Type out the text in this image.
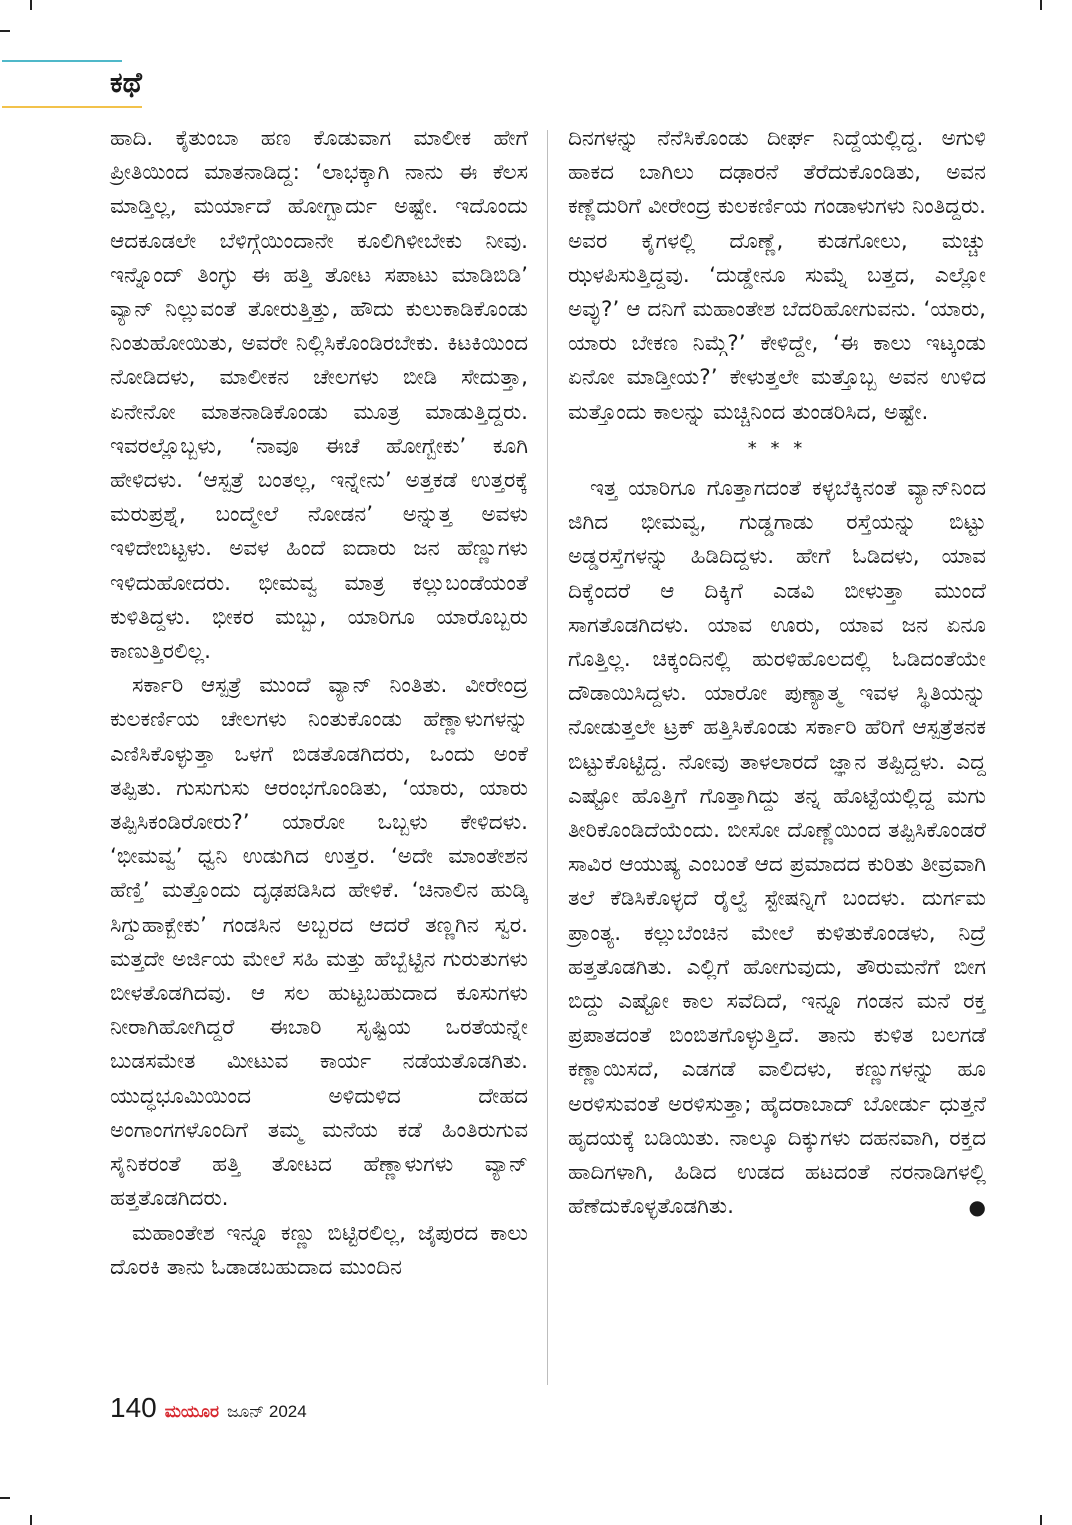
ಕಥೆ

ಹಾದಿ. ಕೈತುಂಬಾ ಹಣ ಕೊಡುವಾಗ ಮಾಲೀಕ ಹೇಗೆ ಪ್ರೀತಿಯಿಂದ ಮಾತನಾಡಿದ್ದ: ‘ಲಾಭಕ್ಕಾಗಿ ನಾನು ಈ ಕೆಲಸ ಮಾಡ್ತಿಲ್ಲ, ಮರ್ಯಾದೆ ಹೋಗ್ಬಾರ್ದು ಅಷ್ಟೇ. ಇದೊಂದು ಆದಕೂಡಲೇ ಬೆಳಿಗ್ಗೆಯಿಂದಾನೇ ಕೂಲಿಗಿಳೀಬೇಕು ನೀವು. ಇನ್ನೊಂದ್ ತಿಂಗ್ಳು ಈ ಹತ್ತಿ ತೋಟ ಸಪಾಟು ಮಾಡಿಬಿಡಿ’ ವ್ಯಾನ್ ನಿಲ್ಲುವಂತೆ ತೋರುತ್ತಿತ್ತು, ಹೌದು ಕುಲುಕಾಡಿಕೊಂಡು ನಿಂತುಹೋಯಿತು, ಅವರೇ ನಿಲ್ಲಿಸಿಕೊಂಡಿರಬೇಕು. ಕಿಟಕಿಯಿಂದ ನೋಡಿದಳು, ಮಾಲೀಕನ ಚೇಲಗಳು ಬೀಡಿ ಸೇದುತ್ತಾ, ಏನೇನೋ ಮಾತನಾಡಿಕೊಂಡು ಮೂತ್ರ ಮಾಡುತ್ತಿದ್ದರು. ಇವರಲ್ಲೊಬ್ಬಳು, ‘ನಾವೂ ಈಚೆ ಹೋಗ್ಬೇಕು’ ಕೂಗಿ ಹೇಳಿದಳು. ‘ಆಸ್ಪತ್ರೆ ಬಂತಲ್ಲ, ಇನ್ನೇನು’ ಅತ್ತಕಡೆ ಉತ್ತರಕ್ಕೆ ಮರುಪ್ರಶ್ನೆ, ಬಂದ್ಮೇಲೆ ನೋಡನ’ ಅನ್ನುತ್ತ ಅವಳು ಇಳಿದೇಬಿಟ್ಟಳು. ಅವಳ ಹಿಂದೆ ಐದಾರು ಜನ ಹೆಣ್ಣುಗಳು ಇಳಿದುಹೋದರು. ಭೀಮವ್ವ ಮಾತ್ರ ಕಲ್ಲುಬಂಡೆಯಂತೆ ಕುಳಿತಿದ್ದಳು. ಭೀಕರ ಮಬ್ಬು, ಯಾರಿಗೂ ಯಾರೊಬ್ಬರು ಕಾಣುತ್ತಿರಲಿಲ್ಲ.

ಸರ್ಕಾರಿ ಆಸ್ಪತ್ರೆ ಮುಂದೆ ವ್ಯಾನ್ ನಿಂತಿತು. ವೀರೇಂದ್ರ ಕುಲಕರ್ಣಿಯ ಚೇಲಗಳು ನಿಂತುಕೊಂಡು ಹೆಣ್ಣಾಳುಗಳನ್ನು ಎಣಿಸಿಕೊಳ್ಳುತ್ತಾ ಒಳಗೆ ಬಿಡತೊಡಗಿದರು, ಒಂದು ಅಂಕೆ ತಪ್ಪಿತು. ಗುಸುಗುಸು ಆರಂಭಗೊಂಡಿತು, ‘ಯಾರು, ಯಾರು ತಪ್ಪಿಸಿಕಂಡಿರೋರು?’ ಯಾರೋ ಒಬ್ಬಳು ಕೇಳಿದಳು. ‘ಭೀಮವ್ವ’ ಧ್ವನಿ ಉಡುಗಿದ ಉತ್ತರ. ‘ಅದೇ ಮಾಂತೇಶನ ಹೆಣ್ತಿ’ ಮತ್ತೊಂದು ದೃಢಪಡಿಸಿದ ಹೇಳಿಕೆ. ‘ಚಿನಾಲಿನ ಹುಡ್ಕಿ ಸಿಗ್ದುಹಾಕ್ಬೇಕು’ ಗಂಡಸಿನ ಅಬ್ಬರದ ಆದರೆ ತಣ್ಣಗಿನ ಸ್ವರ. ಮತ್ತದೇ ಅರ್ಜಿಯ ಮೇಲೆ ಸಹಿ ಮತ್ತು ಹೆಬ್ಬೆಟ್ಟಿನ ಗುರುತುಗಳು ಬೀಳತೊಡಗಿದವು. ಆ ಸಲ ಹುಟ್ಟಬಹುದಾದ ಕೂಸುಗಳು ನೀರಾಗಿಹೋಗಿದ್ದರೆ ಈಬಾರಿ ಸೃಷ್ಟಿಯ ಒರತೆಯನ್ನೇ ಬುಡಸಮೇತ ಮೀಟುವ ಕಾರ್ಯ ನಡೆಯತೊಡಗಿತು. ಯುದ್ಧಭೂಮಿಯಿಂದ ಅಳಿದುಳಿದ ದೇಹದ ಅಂಗಾಂಗಗಳೊಂದಿಗೆ ತಮ್ಮ ಮನೆಯ ಕಡೆ ಹಿಂತಿರುಗುವ ಸೈನಿಕರಂತೆ ಹತ್ತಿ ತೋಟದ ಹೆಣ್ಣಾಳುಗಳು ವ್ಯಾನ್ ಹತ್ತತೊಡಗಿದರು.

ಮಹಾಂತೇಶ ಇನ್ನೂ ಕಣ್ಣು ಬಿಟ್ಟಿರಲಿಲ್ಲ, ಜೈಪುರದ ಕಾಲು ದೊರಕಿ ತಾನು ಓಡಾಡಬಹುದಾದ ಮುಂದಿನ

ದಿನಗಳನ್ನು ನೆನೆಸಿಕೊಂಡು ದೀರ್ಘ ನಿದ್ದೆಯಲ್ಲಿದ್ದ. ಅಗುಳಿ ಹಾಕದ ಬಾಗಿಲು ದಢಾರನೆ ತೆರೆದುಕೊಂಡಿತು, ಅವನ ಕಣ್ಣೆದುರಿಗೆ ವೀರೇಂದ್ರ ಕುಲಕರ್ಣಿಯ ಗಂಡಾಳುಗಳು ನಿಂತಿದ್ದರು. ಅವರ ಕೈಗಳಲ್ಲಿ ದೊಣ್ಣೆ, ಕುಡಗೋಲು, ಮಚ್ಚು ಝಳಪಿಸುತ್ತಿದ್ದವು. ‘ದುಡ್ಡೇನೂ ಸುಮ್ನೆ ಬತ್ತದ, ಎಲ್ಲೋ ಅವ್ಳು?’ ಆ ದನಿಗೆ ಮಹಾಂತೇಶ ಬೆದರಿಹೋಗುವನು. ‘ಯಾರು, ಯಾರು ಬೇಕಣ ನಿಮ್ಗೆ?’ ಕೇಳಿದ್ದೇ, ‘ಈ ಕಾಲು ಇಟ್ಕಂಡು ಏನೋ ಮಾಡ್ತೀಯ?’ ಕೇಳುತ್ತಲೇ ಮತ್ತೊಬ್ಬ ಅವನ ಉಳಿದ ಮತ್ತೊಂದು ಕಾಲನ್ನು ಮಚ್ಚಿನಿಂದ ತುಂಡರಿಸಿದ, ಅಷ್ಟೇ.

* * *

ಇತ್ತ ಯಾರಿಗೂ ಗೊತ್ತಾಗದಂತೆ ಕಳ್ಳಬೆಕ್ಕಿನಂತೆ ವ್ಯಾನ್‌ನಿಂದ ಜಿಗಿದ ಭೀಮವ್ವ, ಗುಡ್ಡಗಾಡು ರಸ್ತೆಯನ್ನು ಬಿಟ್ಟು ಅಡ್ಡರಸ್ತೆಗಳನ್ನು ಹಿಡಿದಿದ್ದಳು. ಹೇಗೆ ಓಡಿದಳು, ಯಾವ ದಿಕ್ಕೆಂದರೆ ಆ ದಿಕ್ಕಿಗೆ ಎಡವಿ ಬೀಳುತ್ತಾ ಮುಂದೆ ಸಾಗತೊಡಗಿದಳು. ಯಾವ ಊರು, ಯಾವ ಜನ ಏನೂ ಗೊತ್ತಿಲ್ಲ. ಚಿಕ್ಕಂದಿನಲ್ಲಿ ಹುರಳಿಹೊಲದಲ್ಲಿ ಓಡಿದಂತೆಯೇ ದೌಡಾಯಿಸಿದ್ದಳು. ಯಾರೋ ಪುಣ್ಯಾತ್ಮ ಇವಳ ಸ್ಥಿತಿಯನ್ನು ನೋಡುತ್ತಲೇ ಟ್ರಕ್ ಹತ್ತಿಸಿಕೊಂಡು ಸರ್ಕಾರಿ ಹೆರಿಗೆ ಆಸ್ಪತ್ರೆತನಕ ಬಿಟ್ಟುಕೊಟ್ಟಿದ್ದ. ನೋವು ತಾಳಲಾರದೆ ಜ್ಞಾನ ತಪ್ಪಿದ್ದಳು. ಎದ್ದ ಎಷ್ಟೋ ಹೊತ್ತಿಗೆ ಗೊತ್ತಾಗಿದ್ದು ತನ್ನ ಹೊಟ್ಟೆಯಲ್ಲಿದ್ದ ಮಗು ತೀರಿಕೊಂಡಿದೆಯೆಂದು. ಬೀಸೋ ದೊಣ್ಣೆಯಿಂದ ತಪ್ಪಿಸಿಕೊಂಡರೆ ಸಾವಿರ ಆಯುಷ್ಯ ಎಂಬಂತೆ ಆದ ಪ್ರಮಾದದ ಕುರಿತು ತೀವ್ರವಾಗಿ ತಲೆ ಕೆಡಿಸಿಕೊಳ್ಳದೆ ರೈಲ್ವೆ ಸ್ಟೇಷನ್ನಿಗೆ ಬಂದಳು. ದುರ್ಗಮ ಪ್ರಾಂತ್ಯ. ಕಲ್ಲುಬೆಂಚಿನ ಮೇಲೆ ಕುಳಿತುಕೊಂಡಳು, ನಿದ್ರೆ ಹತ್ತತೊಡಗಿತು. ಎಲ್ಲಿಗೆ ಹೋಗುವುದು, ತೌರುಮನೆಗೆ ಬೀಗ ಬಿದ್ದು ಎಷ್ಟೋ ಕಾಲ ಸವೆದಿದೆ, ಇನ್ನೂ ಗಂಡನ ಮನೆ ರಕ್ತ ಪ್ರಪಾತದಂತೆ ಬಿಂಬಿತಗೊಳ್ಳುತ್ತಿದೆ. ತಾನು ಕುಳಿತ ಬಲಗಡೆ ಕಣ್ಣಾಯಿಸದೆ, ಎಡಗಡೆ ವಾಲಿದಳು, ಕಣ್ಣುಗಳನ್ನು ಹೂ ಅರಳಿಸುವಂತೆ ಅರಳಿಸುತ್ತಾ; ಹೈದರಾಬಾದ್ ಬೋರ್ಡು ಧುತ್ತನೆ ಹೃದಯಕ್ಕೆ ಬಡಿಯಿತು. ನಾಲ್ಕೂ ದಿಕ್ಕುಗಳು ದಹನವಾಗಿ, ರಕ್ತದ ಹಾದಿಗಳಾಗಿ, ಹಿಡಿದ ಉಡದ ಹಟದಂತೆ ನರನಾಡಿಗಳಲ್ಲಿ ಹೆಣೆದುಕೊಳ್ಳತೊಡಗಿತು.	●

140 ಮಯೂರ ಜೂನ್ 2024
